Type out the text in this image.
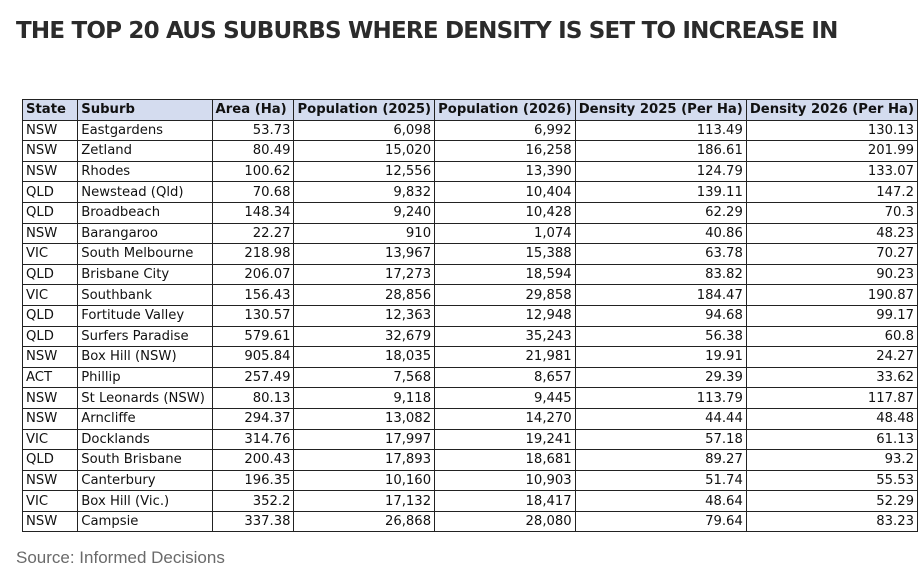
THE TOP 20 AUS SUBURBS WHERE DENSITY IS SET TO INCREASE IN
State	Suburb	Area (Ha)	Population (2025)	Population (2026)	Density 2025 (Per Ha)	Density 2026 (Per Ha)
NSW	Eastgardens	53.73	6,098	6,992	113.49	130.13
NSW	Zetland	80.49	15,020	16,258	186.61	201.99
NSW	Rhodes	100.62	12,556	13,390	124.79	133.07
QLD	Newstead (Qld)	70.68	9,832	10,404	139.11	147.2
QLD	Broadbeach	148.34	9,240	10,428	62.29	70.3
NSW	Barangaroo	22.27	910	1,074	40.86	48.23
VIC	South Melbourne	218.98	13,967	15,388	63.78	70.27
QLD	Brisbane City	206.07	17,273	18,594	83.82	90.23
VIC	Southbank	156.43	28,856	29,858	184.47	190.87
QLD	Fortitude Valley	130.57	12,363	12,948	94.68	99.17
QLD	Surfers Paradise	579.61	32,679	35,243	56.38	60.8
NSW	Box Hill (NSW)	905.84	18,035	21,981	19.91	24.27
ACT	Phillip	257.49	7,568	8,657	29.39	33.62
NSW	St Leonards (NSW)	80.13	9,118	9,445	113.79	117.87
NSW	Arncliffe	294.37	13,082	14,270	44.44	48.48
VIC	Docklands	314.76	17,997	19,241	57.18	61.13
QLD	South Brisbane	200.43	17,893	18,681	89.27	93.2
NSW	Canterbury	196.35	10,160	10,903	51.74	55.53
VIC	Box Hill (Vic.)	352.2	17,132	18,417	48.64	52.29
NSW	Campsie	337.38	26,868	28,080	79.64	83.23
Source: Informed Decisions
